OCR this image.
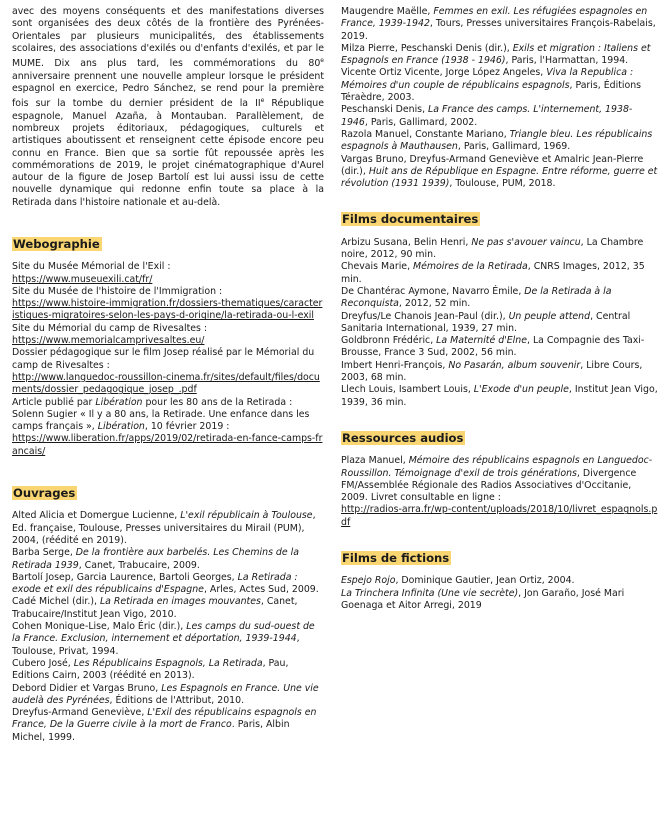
avec des moyens conséquents et des manifestations diverses sont organisées des deux côtés de la frontière des Pyrénées-Orientales par plusieurs municipalités, des établissements scolaires, des associations d'exilés ou d'enfants d'exilés, et par le MUME. Dix ans plus tard, les commémorations du 80e anniversaire prennent une nouvelle ampleur lorsque le président espagnol en exercice, Pedro Sánchez, se rend pour la première fois sur la tombe du dernier président de la IIe République espagnole, Manuel Azaña, à Montauban. Parallèlement, de nombreux projets éditoriaux, pédagogiques, culturels et artistiques aboutissent et renseignent cette épisode encore peu connu en France. Bien que sa sortie fût repoussée après les commémorations de 2019, le projet cinématographique d'Aurel autour de la figure de Josep Bartolí est lui aussi issu de cette nouvelle dynamique qui redonne enfin toute sa place à la Retirada dans l'histoire nationale et au-delà.

Webographie

Site du Musée Mémorial de l'Exil :

https://www.museuexili.cat/fr/

Site du Musée de l'histoire de l'Immigration :

https://www.histoire-immigration.fr/dossiers-thematiques/caracteristiques-migratoires-selon-les-pays-d-origine/la-retirada-ou-l-exil

Site du Mémorial du camp de Rivesaltes :

https://www.memorialcamprivesaltes.eu/

Dossier pédagogique sur le film Josep réalisé par le Mémorial du camp de Rivesaltes :

http://www.languedoc-roussillon-cinema.fr/sites/default/files/documents/dossier_pedagogique_josep_.pdf

Article publié par Libération pour les 80 ans de la Retirada : Solenn Sugier « Il y a 80 ans, la Retirade. Une enfance dans les camps français », Libération, 10 février 2019 :

https://www.liberation.fr/apps/2019/02/retirada-en-fance-camps-francais/

Ouvrages

Alted Alicia et Domergue Lucienne, L'exil républicain à Toulouse, Ed. française, Toulouse, Presses universitaires du Mirail (PUM), 2004, (réédité en 2019).

Barba Serge, De la frontière aux barbelés. Les Chemins de la Retirada 1939, Canet, Trabucaire, 2009.

Bartolí Josep, Garcia Laurence, Bartoli Georges, La Retirada : exode et exil des républicains d'Espagne, Arles, Actes Sud, 2009.

Cadé Michel (dir.), La Retirada en images mouvantes, Canet, Trabucaire/Institut Jean Vigo, 2010.

Cohen Monique-Lise, Malo Éric (dir.), Les camps du sud-ouest de la France. Exclusion, internement et déportation, 1939-1944, Toulouse, Privat, 1994.

Cubero José, Les Républicains Espagnols, La Retirada, Pau, Editions Cairn, 2003 (réédité en 2013).

Debord Didier et Vargas Bruno, Les Espagnols en France. Une vie audelà des Pyrénées, Éditions de l'Attribut, 2010.

Dreyfus-Armand Geneviève, L'Exil des républicains espagnols en France, De la Guerre civile à la mort de Franco. Paris, Albin Michel, 1999.

Maugendre Maëlle, Femmes en exil. Les réfugiées espagnoles en France, 1939-1942, Tours, Presses universitaires François-Rabelais, 2019.

Milza Pierre, Peschanski Denis (dir.), Exils et migration : Italiens et Espagnols en France (1938 - 1946), Paris, l'Harmattan, 1994.

Vicente Ortiz Vicente, Jorge López Angeles, Viva la Republica : Mémoires d'un couple de républicains espagnols, Paris, Éditions Téraèdre, 2003.

Peschanski Denis, La France des camps. L'internement, 1938-1946, Paris, Gallimard, 2002.

Razola Manuel, Constante Mariano, Triangle bleu. Les républicains espagnols à Mauthausen, Paris, Gallimard, 1969.

Vargas Bruno, Dreyfus-Armand Geneviève et Amalric Jean-Pierre (dir.), Huit ans de République en Espagne. Entre réforme, guerre et révolution (1931 1939), Toulouse, PUM, 2018.

Films documentaires

Arbizu Susana, Belin Henri, Ne pas s'avouer vaincu, La Chambre noire, 2012, 90 min.

Chevais Marie, Mémoires de la Retirada, CNRS Images, 2012, 35 min.

De Chantérac Aymone, Navarro Émile, De la Retirada à la Reconquista, 2012, 52 min.

Dreyfus/Le Chanois Jean-Paul (dir.), Un peuple attend, Central Sanitaria International, 1939, 27 min.

Goldbronn Frédéric, La Maternité d'Elne, La Compagnie des Taxi-Brousse, France 3 Sud, 2002, 56 min.

Imbert Henri-François, No Pasarán, album souvenir, Libre Cours, 2003, 68 min.

Llech Louis, Isambert Louis, L'Exode d'un peuple, Institut Jean Vigo, 1939, 36 min.

Ressources audios

Plaza Manuel, Mémoire des républicains espagnols en Languedoc-Roussillon. Témoignage d'exil de trois générations, Divergence FM/Assemblée Régionale des Radios Associatives d'Occitanie, 2009. Livret consultable en ligne :
http://radios-arra.fr/wp-content/uploads/2018/10/livret_espagnols.pdf

Films de fictions

Espejo Rojo, Dominique Gautier, Jean Ortiz, 2004.

La Trinchera Infinita (Une vie secrète), Jon Garaño, José Mari Goenaga et Aitor Arregi, 2019
